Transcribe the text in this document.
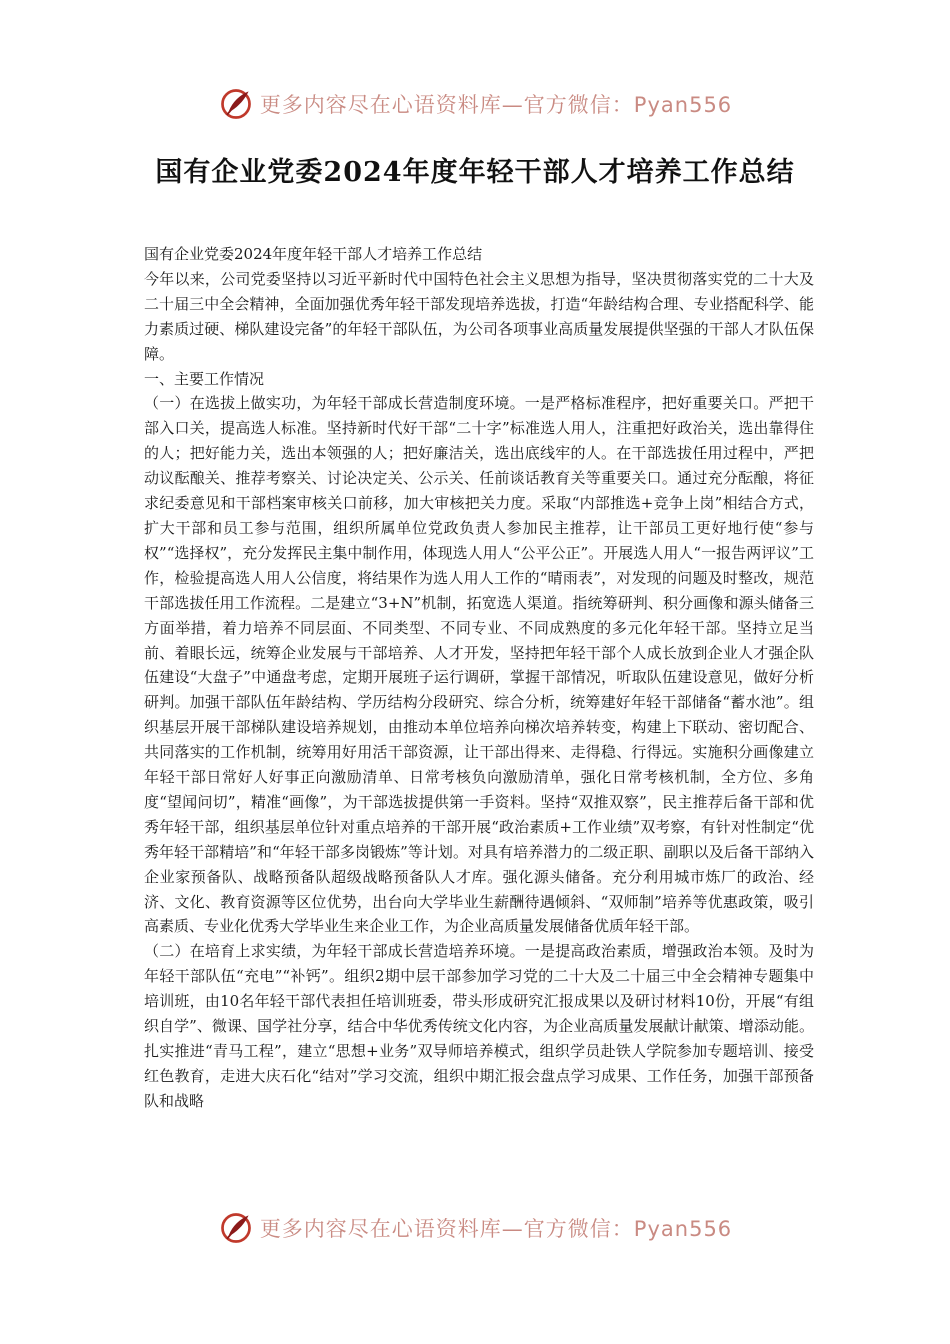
更多内容尽在心语资料库—官方微信：Pyan556
国有企业党委2024年度年轻干部人才培养工作总结

国有企业党委2024年度年轻干部人才培养工作总结

今年以来，公司党委坚持以习近平新时代中国特色社会主义思想为指导，坚决贯彻落实党的二十大及二十届三中全会精神，全面加强优秀年轻干部发现培养选拔，打造“年龄结构合理、专业搭配科学、能力素质过硬、梯队建设完备”的年轻干部队伍，为公司各项事业高质量发展提供坚强的干部人才队伍保障。

一、主要工作情况

（一）在选拔上做实功，为年轻干部成长营造制度环境。一是严格标准程序，把好重要关口。严把干部入口关，提高选人标准。坚持新时代好干部“二十字”标准选人用人，注重把好政治关，选出靠得住的人；把好能力关，选出本领强的人；把好廉洁关，选出底线牢的人。在干部选拔任用过程中，严把动议酝酿关、推荐考察关、讨论决定关、公示关、任前谈话教育关等重要关口。通过充分酝酿，将征求纪委意见和干部档案审核关口前移，加大审核把关力度。采取“内部推选+竞争上岗”相结合方式，扩大干部和员工参与范围，组织所属单位党政负责人参加民主推荐，让干部员工更好地行使“参与权”“选择权”，充分发挥民主集中制作用，体现选人用人“公平公正”。开展选人用人“一报告两评议”工作，检验提高选人用人公信度，将结果作为选人用人工作的“晴雨表”，对发现的问题及时整改，规范干部选拔任用工作流程。二是建立“3+N”机制，拓宽选人渠道。指统筹研判、积分画像和源头储备三方面举措，着力培养不同层面、不同类型、不同专业、不同成熟度的多元化年轻干部。坚持立足当前、着眼长远，统筹企业发展与干部培养、人才开发，坚持把年轻干部个人成长放到企业人才强企队伍建设“大盘子”中通盘考虑，定期开展班子运行调研，掌握干部情况，听取队伍建设意见，做好分析研判。加强干部队伍年龄结构、学历结构分段研究、综合分析，统筹建好年轻干部储备“蓄水池”。组织基层开展干部梯队建设培养规划，由推动本单位培养向梯次培养转变，构建上下联动、密切配合、共同落实的工作机制，统筹用好用活干部资源，让干部出得来、走得稳、行得远。实施积分画像建立年轻干部日常好人好事正向激励清单、日常考核负向激励清单，强化日常考核机制，全方位、多角度“望闻问切”，精准“画像”，为干部选拔提供第一手资料。坚持“双推双察”，民主推荐后备干部和优秀年轻干部，组织基层单位针对重点培养的干部开展“政治素质+工作业绩”双考察，有针对性制定“优秀年轻干部精培”和“年轻干部多岗锻炼”等计划。对具有培养潜力的二级正职、副职以及后备干部纳入企业家预备队、战略预备队超级战略预备队人才库。强化源头储备。充分利用城市炼厂的政治、经济、文化、教育资源等区位优势，出台向大学毕业生薪酬待遇倾斜、“双师制”培养等优惠政策，吸引高素质、专业化优秀大学毕业生来企业工作，为企业高质量发展储备优质年轻干部。

（二）在培育上求实绩，为年轻干部成长营造培养环境。一是提高政治素质，增强政治本领。及时为年轻干部队伍“充电”“补钙”。组织2期中层干部参加学习党的二十大及二十届三中全会精神专题集中培训班，由10名年轻干部代表担任培训班委，带头形成研究汇报成果以及研讨材料10份，开展“有组织自学”、微课、国学社分享，结合中华优秀传统文化内容，为企业高质量发展献计献策、增添动能。扎实推进“青马工程”，建立“思想+业务”双导师培养模式，组织学员赴铁人学院参加专题培训、接受红色教育，走进大庆石化“结对”学习交流，组织中期汇报会盘点学习成果、工作任务，加强干部预备队和战略

更多内容尽在心语资料库—官方微信：Pyan556
